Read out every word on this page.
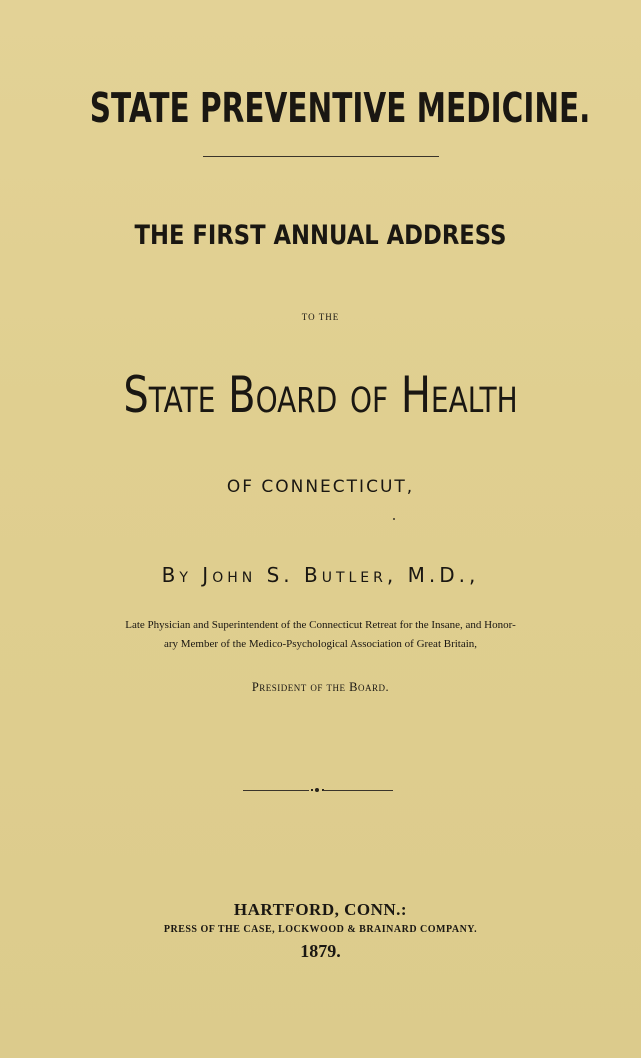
STATE PREVENTIVE MEDICINE.
THE FIRST ANNUAL ADDRESS
TO THE
State Board of Health
OF CONNECTICUT,
By John S. Butler, M.D.,
Late Physician and Superintendent of the Connecticut Retreat for the Insane, and Honor-
ary Member of the Medico-Psychological Association of Great Britain,
President of the Board.
HARTFORD, CONN.:
PRESS OF THE CASE, LOCKWOOD & BRAINARD COMPANY.
1879.
